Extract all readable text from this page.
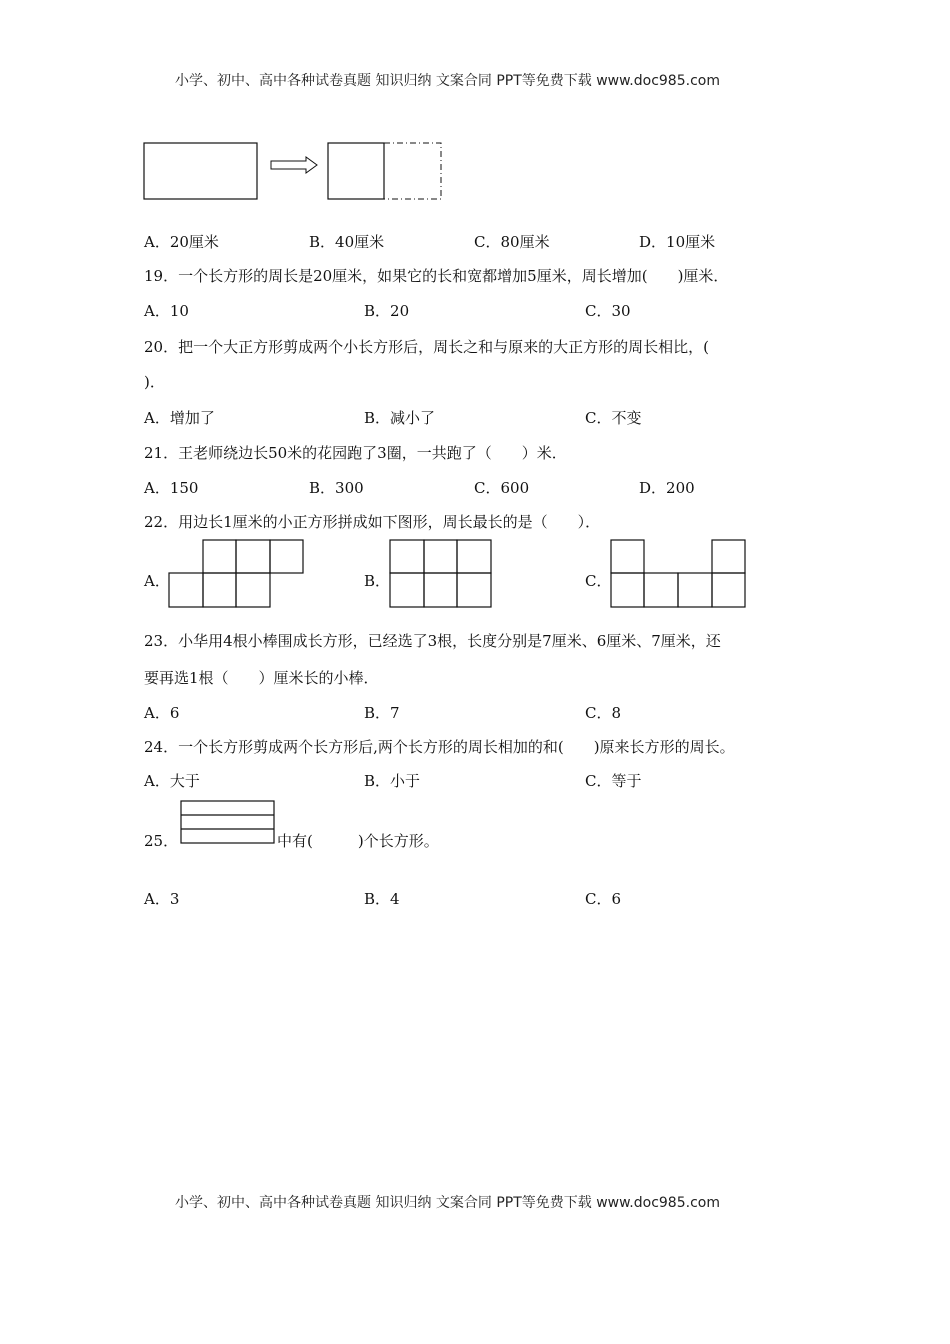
小学、初中、高中各种试卷真题 知识归纳 文案合同 PPT等免费下载 www.doc985.com
A．20厘米	B．40厘米	C．80厘米	D．10厘米
19．一个长方形的周长是20厘米，如果它的长和宽都增加5厘米，周长增加(　　)厘米．
A．10	B．20	C．30
20．把一个大正方形剪成两个小长方形后，周长之和与原来的大正方形的周长相比，(
)．
A．增加了	B．减小了	C．不变
21．王老师绕边长50米的花园跑了3圈，一共跑了（　　）米．
A．150	B．300	C．600	D．200
22．用边长1厘米的小正方形拼成如下图形，周长最长的是（　　）．
A．	B．	C．
23．小华用4根小棒围成长方形，已经选了3根，长度分别是7厘米、6厘米、7厘米，还
要再选1根（　　）厘米长的小棒．
A．6	B．7	C．8
24．一个长方形剪成两个长方形后,两个长方形的周长相加的和(　　)原来长方形的周长。
A．大于	B．小于	C．等于
25．	中有(　　　)个长方形。
A．3	B．4	C．6
小学、初中、高中各种试卷真题 知识归纳 文案合同 PPT等免费下载 www.doc985.com
